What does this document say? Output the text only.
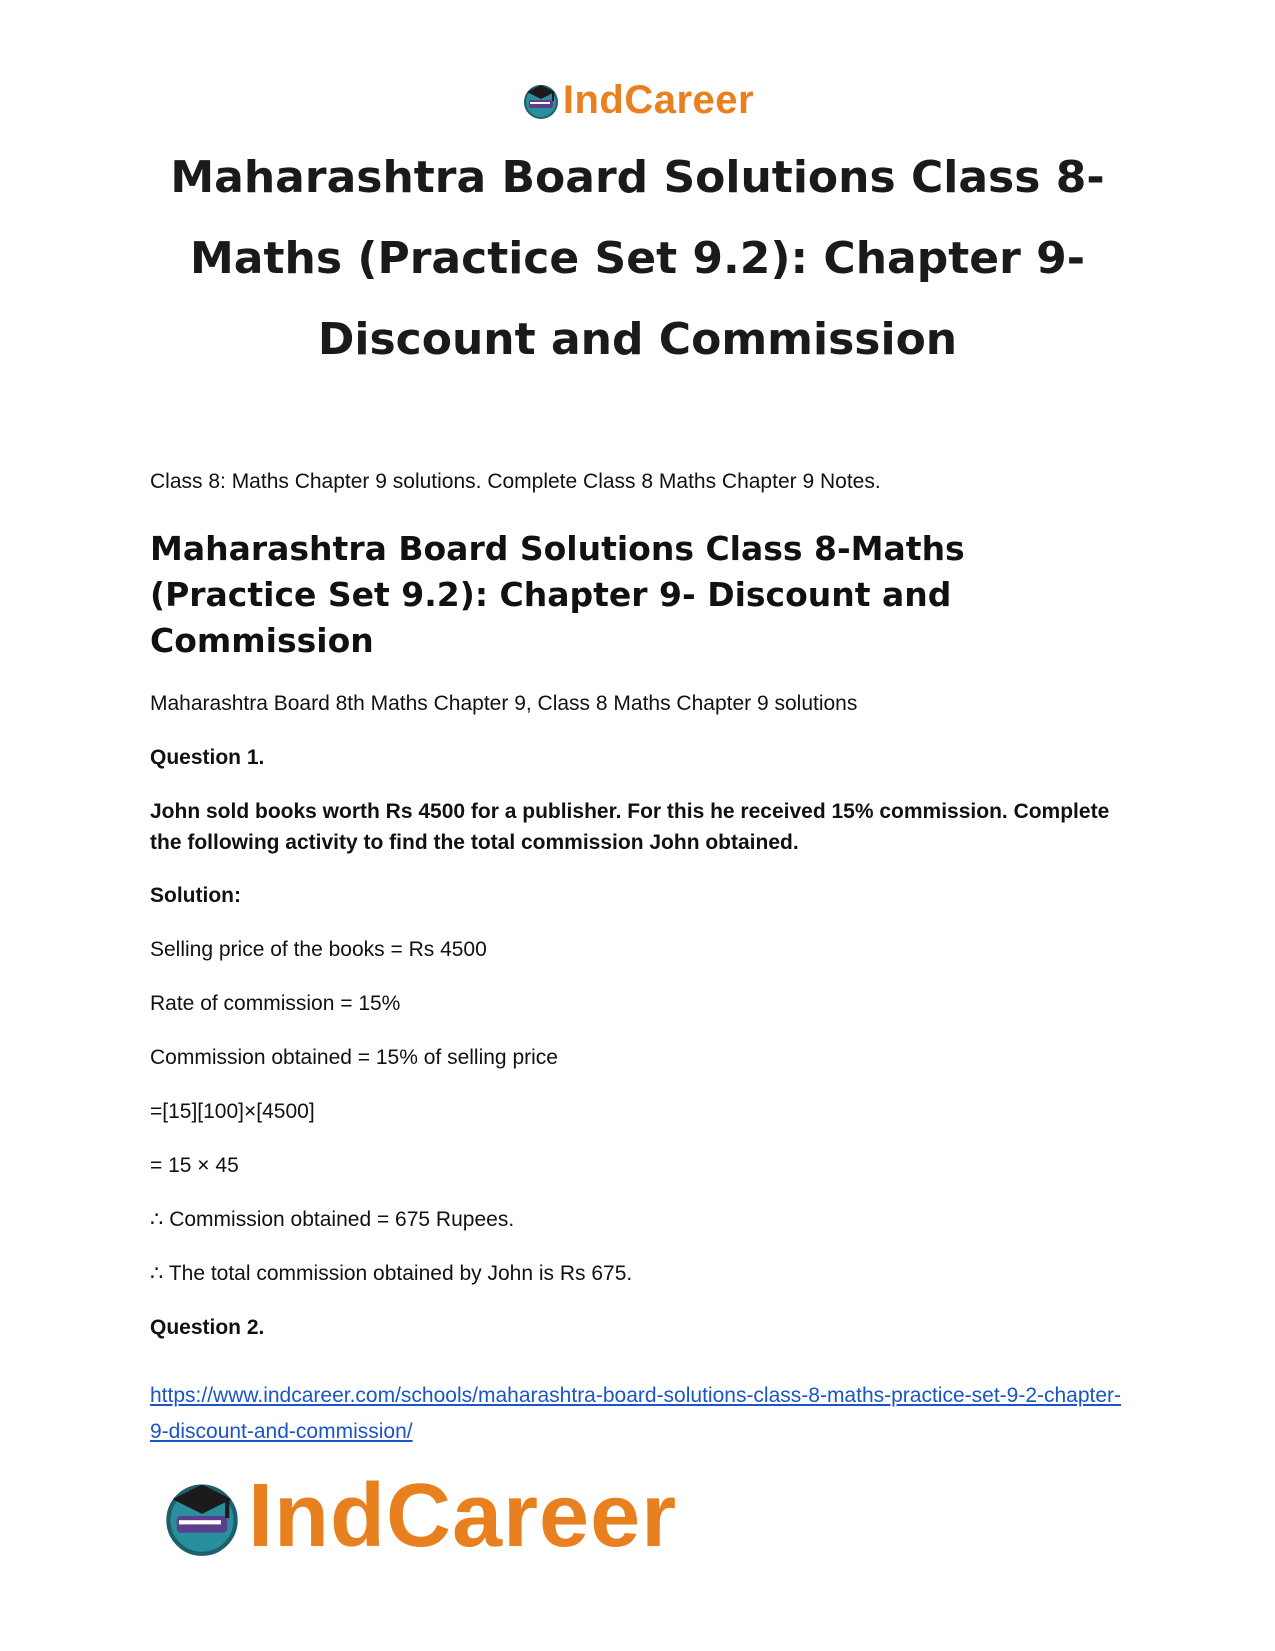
IndCareer
Maharashtra Board Solutions Class 8-Maths (Practice Set 9.2): Chapter 9- Discount and Commission

Class 8: Maths Chapter 9 solutions. Complete Class 8 Maths Chapter 9 Notes.

Maharashtra Board Solutions Class 8-Maths (Practice Set 9.2): Chapter 9- Discount and Commission

Maharashtra Board 8th Maths Chapter 9, Class 8 Maths Chapter 9 solutions

Question 1.

John sold books worth Rs 4500 for a publisher. For this he received 15% commission. Complete the following activity to find the total commission John obtained.

Solution:

Selling price of the books = Rs 4500

Rate of commission = 15%

Commission obtained = 15% of selling price

=[15][100]×[4500]

= 15 × 45

∴ Commission obtained = 675 Rupees.

∴ The total commission obtained by John is Rs 675.

Question 2.

https://www.indcareer.com/schools/maharashtra-board-solutions-class-8-maths-practice-set-9-2-chapter-9-discount-and-commission/
IndCareer
